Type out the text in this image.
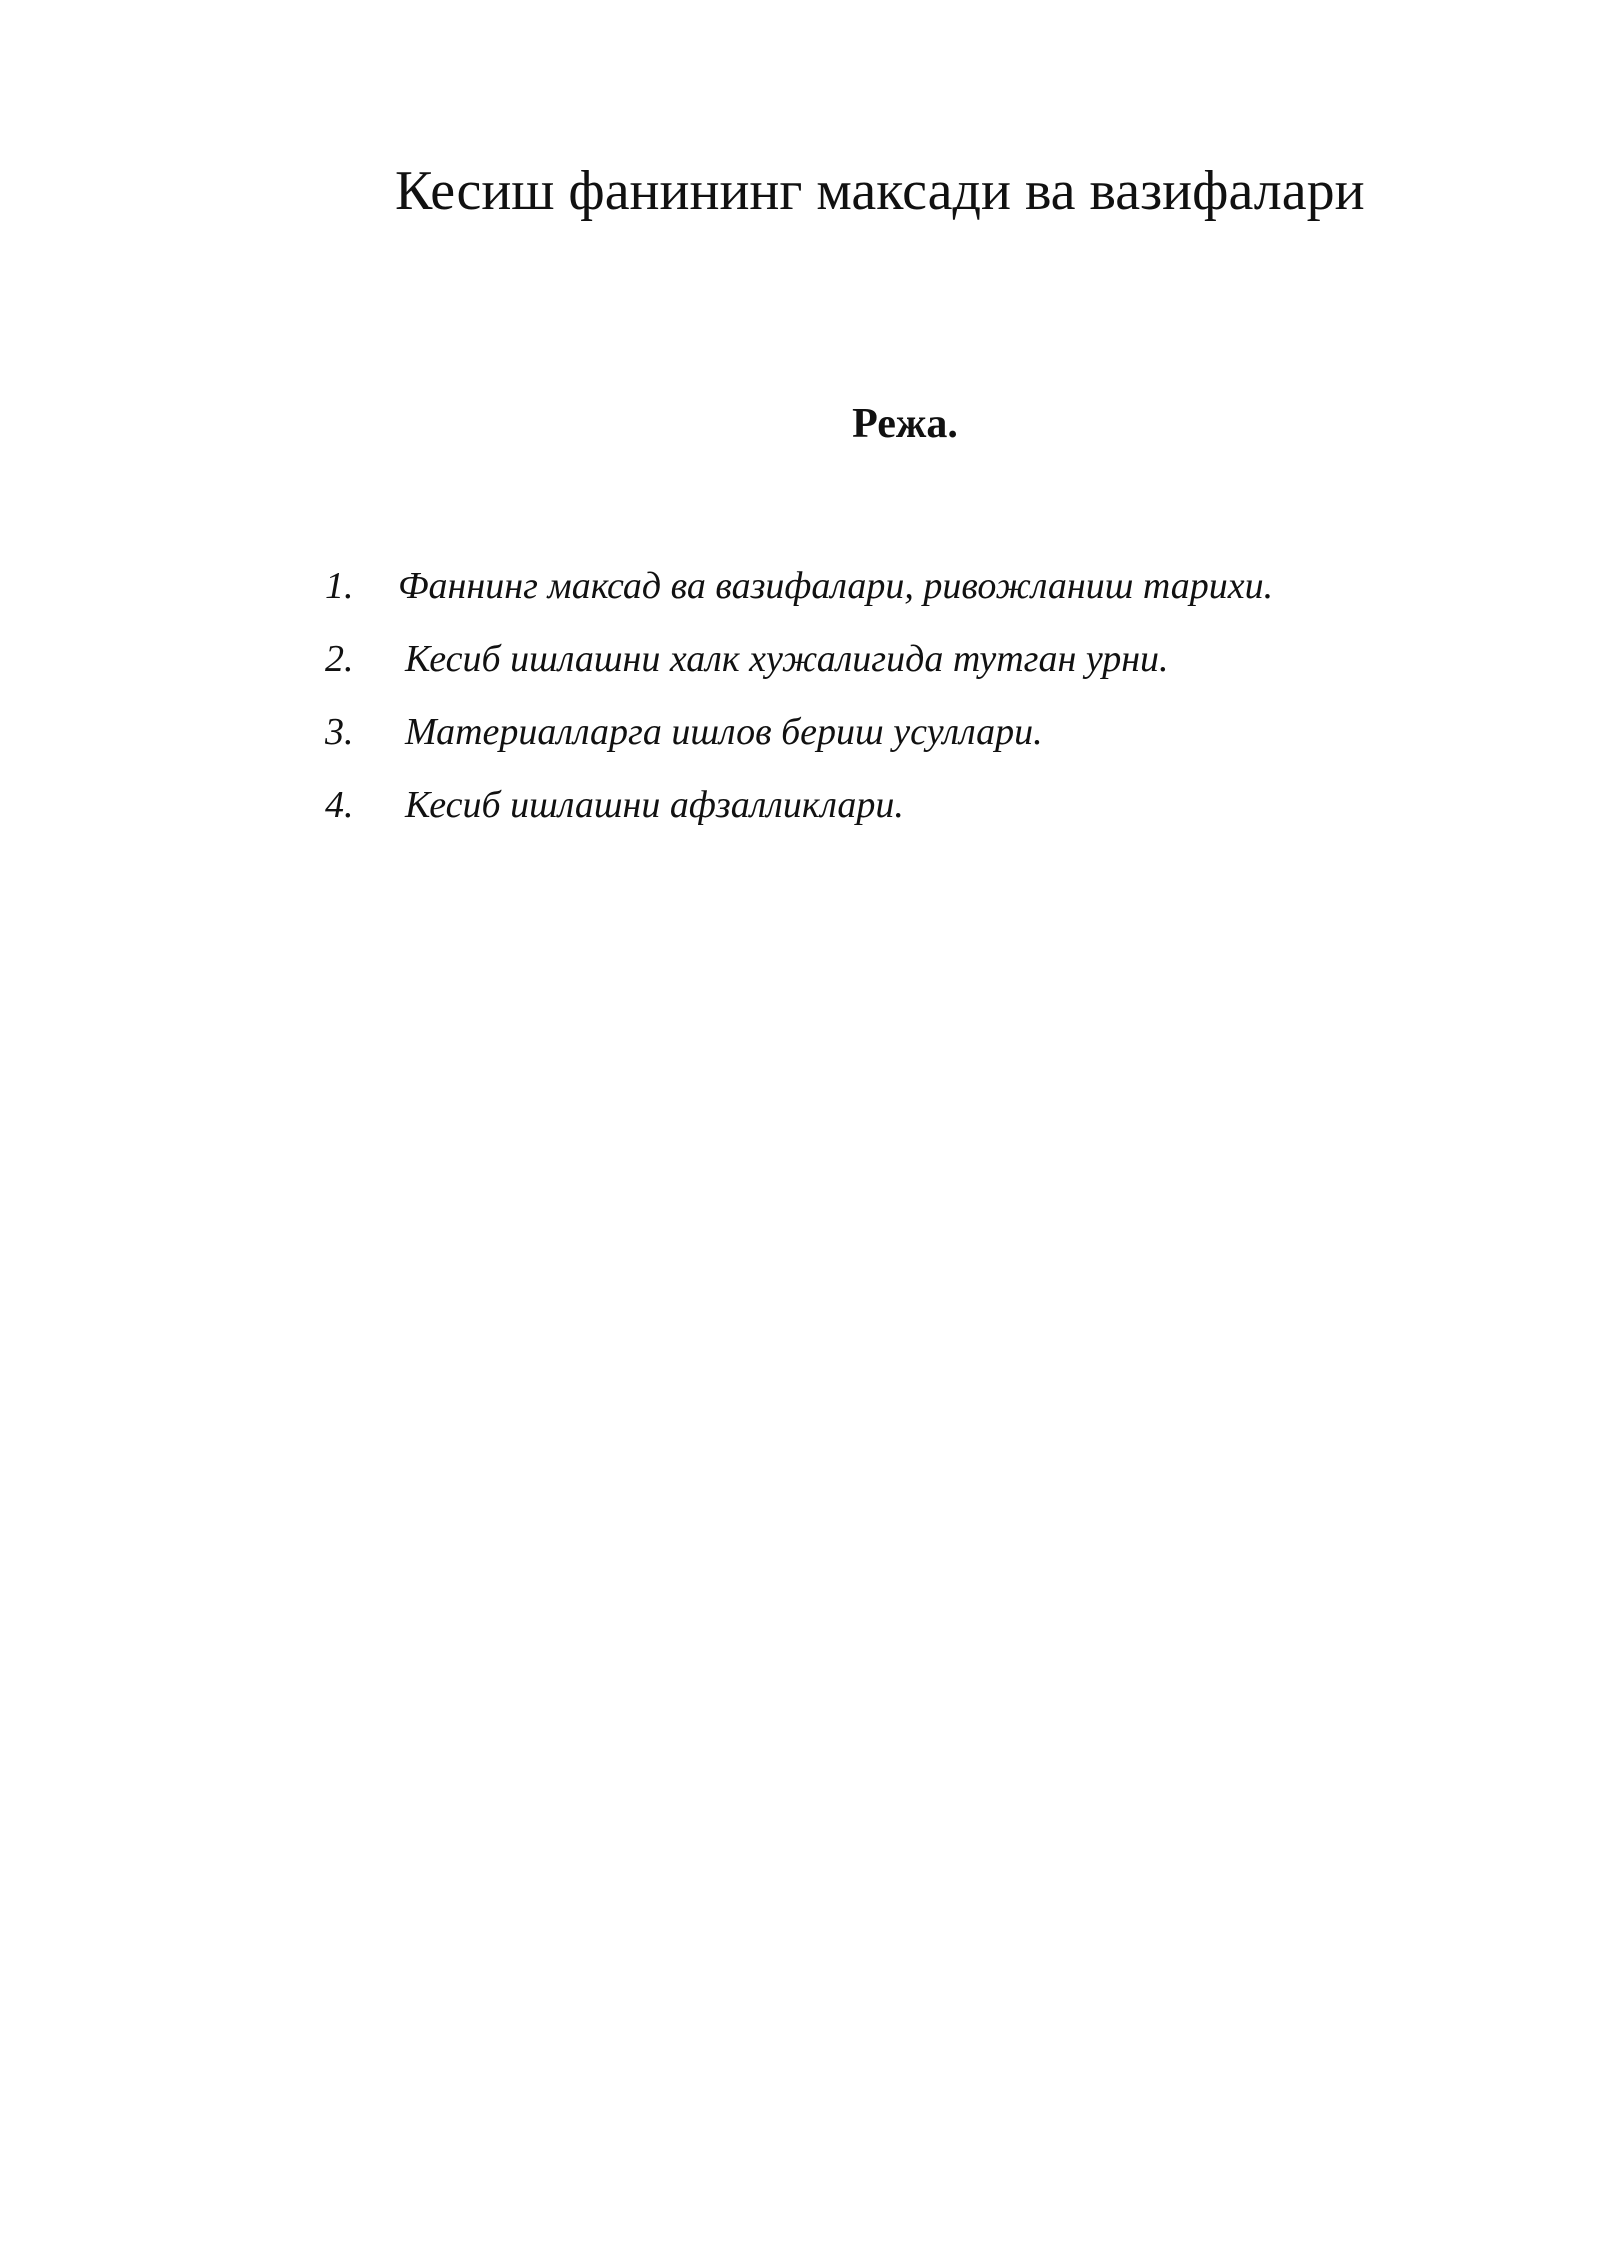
Кесиш фанининг максади ва вазифалари
Режа.
1. Фаннинг максад ва вазифалари, ривожланиш тарихи.
2. Кесиб ишлашни халк хужалигида тутган урни.
3. Материалларга ишлов бериш усуллари.
4. Кесиб ишлашни афзалликлари.
